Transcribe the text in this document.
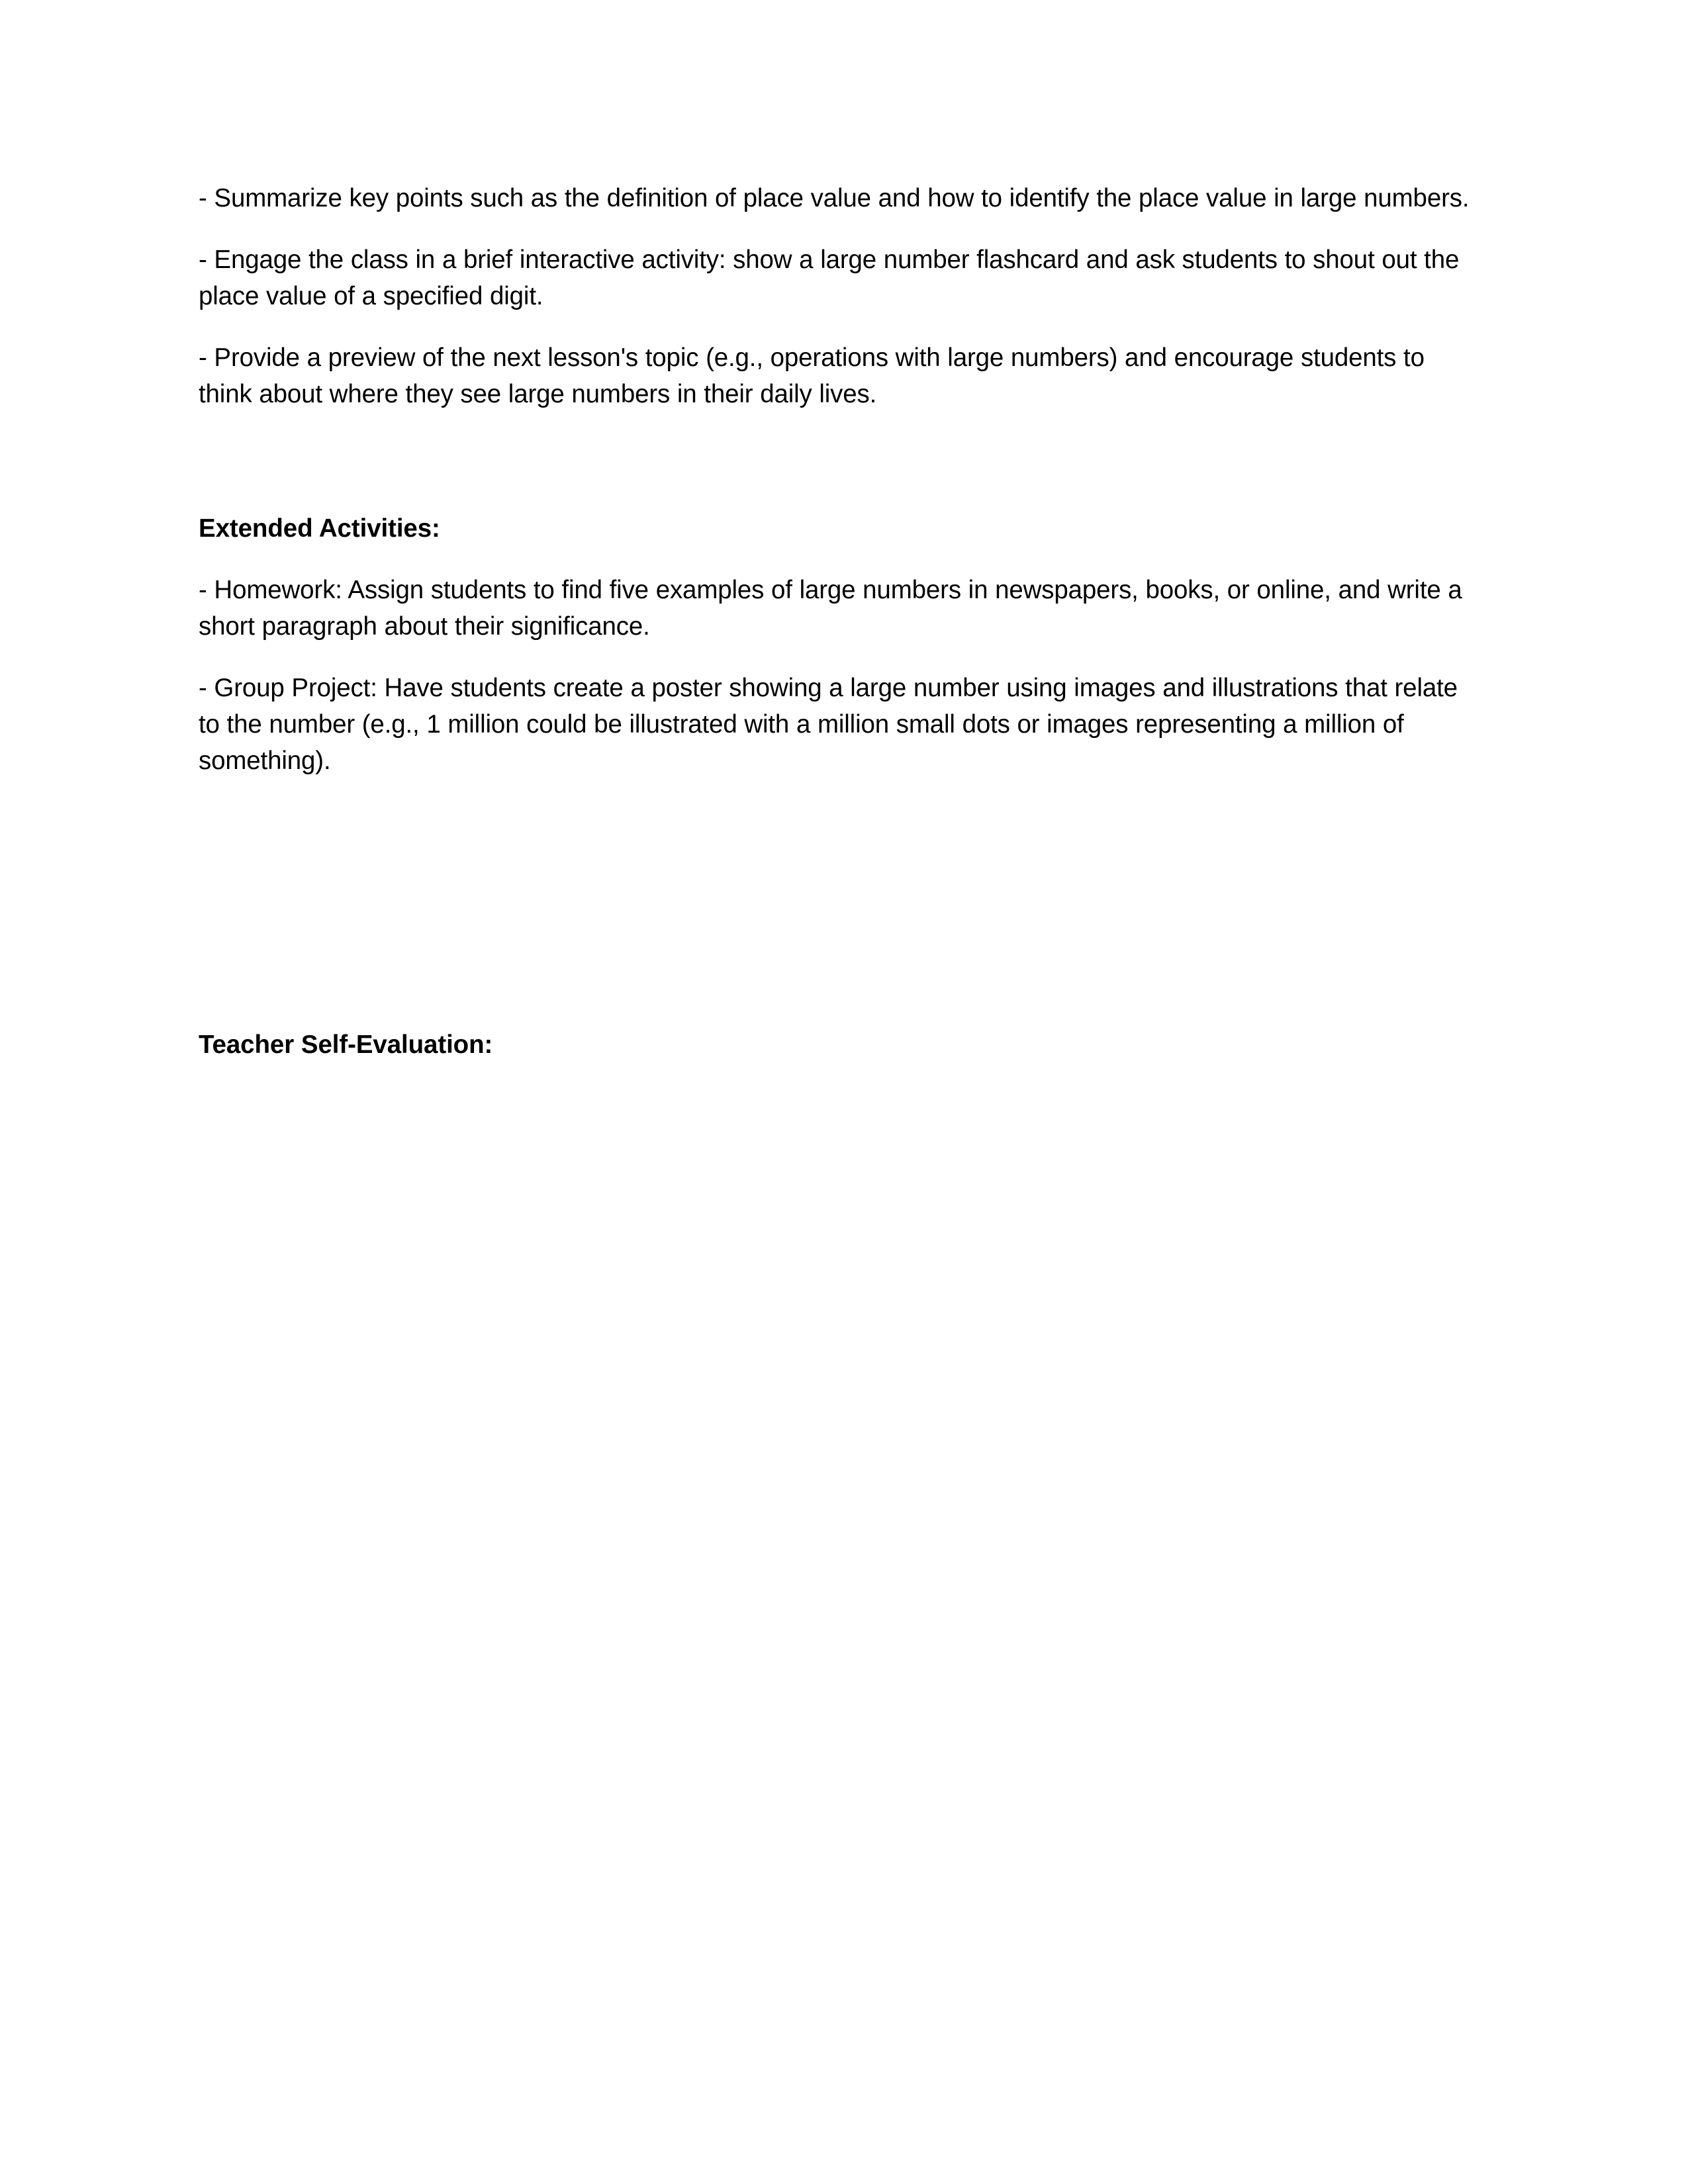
- Summarize key points such as the definition of place value and how to identify the place value in large numbers.

- Engage the class in a brief interactive activity: show a large number flashcard and ask students to shout out the place value of a specified digit.

- Provide a preview of the next lesson's topic (e.g., operations with large numbers) and encourage students to think about where they see large numbers in their daily lives.

Extended Activities:

- Homework: Assign students to find five examples of large numbers in newspapers, books, or online, and write a short paragraph about their significance.

- Group Project: Have students create a poster showing a large number using images and illustrations that relate to the number (e.g., 1 million could be illustrated with a million small dots or images representing a million of something).

Teacher Self-Evaluation:
